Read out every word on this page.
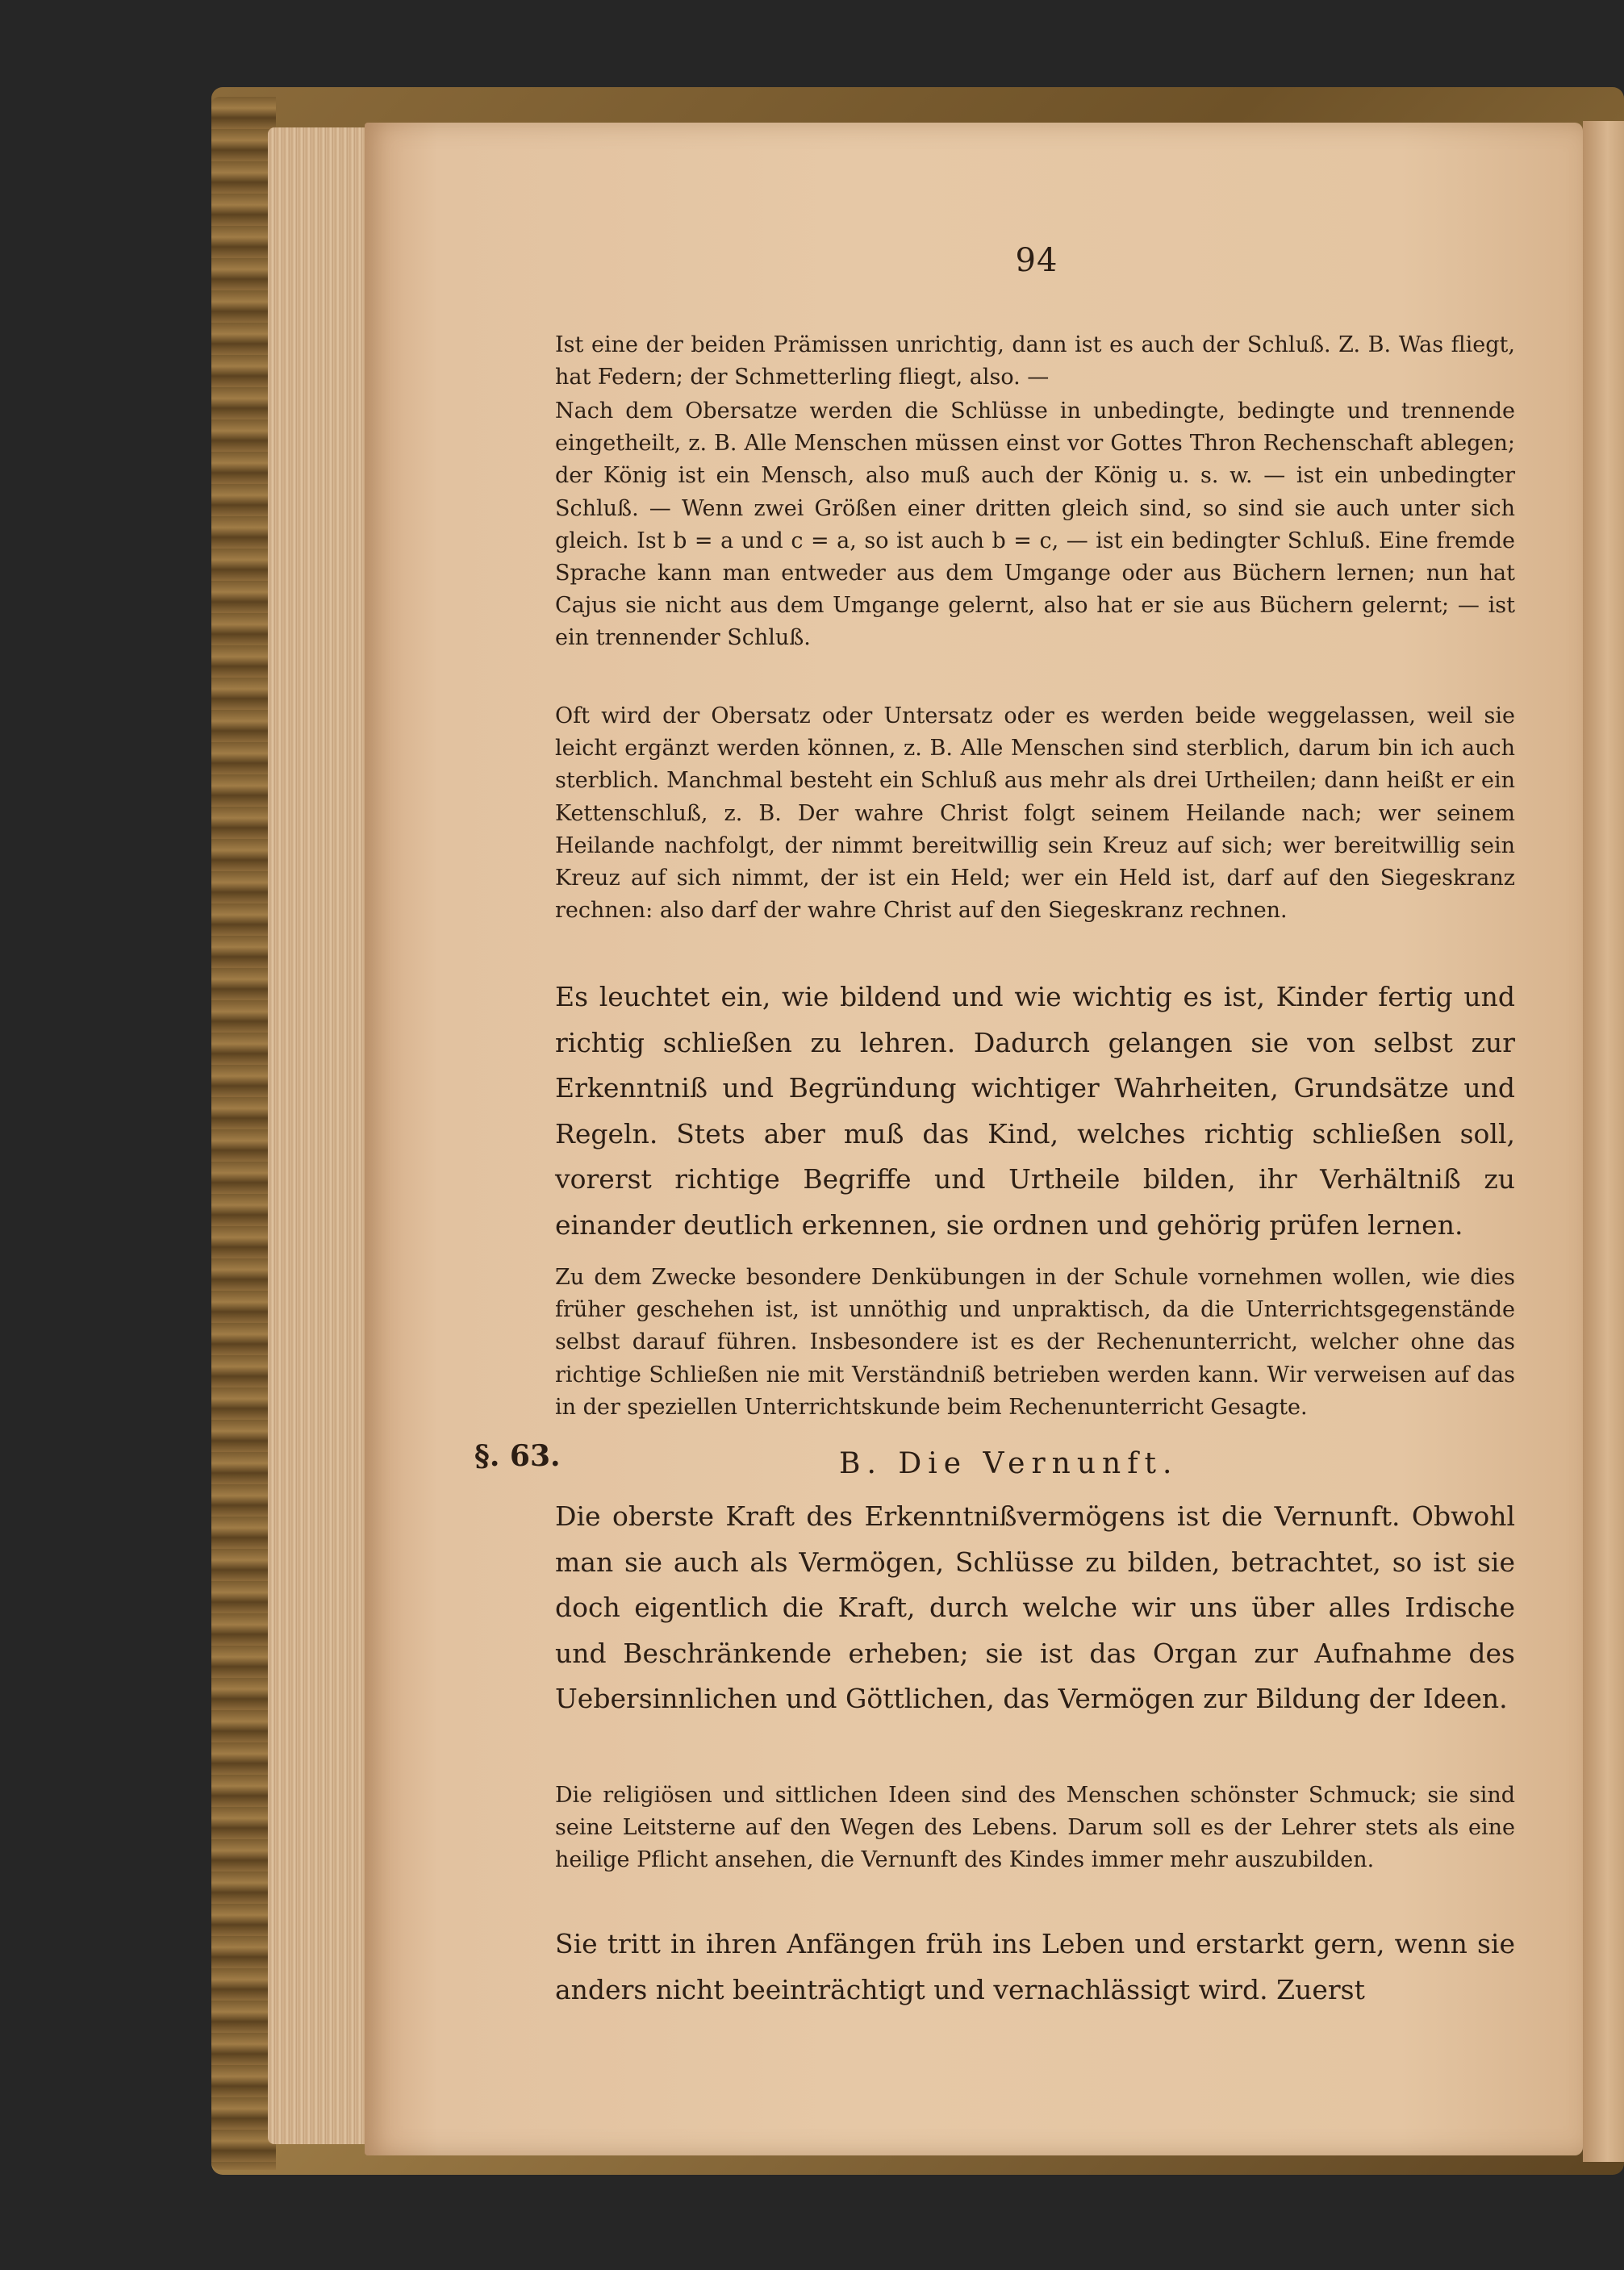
94

Ist eine der beiden Prämissen unrichtig, dann ist es auch der Schluß. Z. B. Was fliegt, hat Federn; der Schmetterling fliegt, also. —

Nach dem Obersatze werden die Schlüsse in unbedingte, bedingte und trennende eingetheilt, z. B. Alle Menschen müssen einst vor Gottes Thron Rechenschaft ablegen; der König ist ein Mensch, also muß auch der König u. s. w. — ist ein unbedingter Schluß. — Wenn zwei Größen einer dritten gleich sind, so sind sie auch unter sich gleich. Ist b = a und c = a, so ist auch b = c, — ist ein bedingter Schluß. Eine fremde Sprache kann man entweder aus dem Umgange oder aus Büchern lernen; nun hat Cajus sie nicht aus dem Umgange gelernt, also hat er sie aus Büchern gelernt; — ist ein trennender Schluß.

Oft wird der Obersatz oder Untersatz oder es werden beide weggelassen, weil sie leicht ergänzt werden können, z. B. Alle Menschen sind sterblich, darum bin ich auch sterblich. Manchmal besteht ein Schluß aus mehr als drei Urtheilen; dann heißt er ein Kettenschluß, z. B. Der wahre Christ folgt seinem Heilande nach; wer seinem Heilande nachfolgt, der nimmt bereitwillig sein Kreuz auf sich; wer bereitwillig sein Kreuz auf sich nimmt, der ist ein Held; wer ein Held ist, darf auf den Siegeskranz rechnen: also darf der wahre Christ auf den Siegeskranz rechnen.

Es leuchtet ein, wie bildend und wie wichtig es ist, Kinder fertig und richtig schließen zu lehren. Dadurch gelangen sie von selbst zur Erkenntniß und Begründung wichtiger Wahrheiten, Grundsätze und Regeln. Stets aber muß das Kind, welches richtig schließen soll, vorerst richtige Begriffe und Urtheile bilden, ihr Verhältniß zu einander deutlich erkennen, sie ordnen und gehörig prüfen lernen.

Zu dem Zwecke besondere Denkübungen in der Schule vornehmen wollen, wie dies früher geschehen ist, ist unnöthig und unpraktisch, da die Unterrichtsgegenstände selbst darauf führen. Insbesondere ist es der Rechenunterricht, welcher ohne das richtige Schließen nie mit Verständniß betrieben werden kann. Wir verweisen auf das in der speziellen Unterrichtskunde beim Rechenunterricht Gesagte.

§. 63.	B. Die Vernunft.

Die oberste Kraft des Erkenntnißvermögens ist die Vernunft. Obwohl man sie auch als Vermögen, Schlüsse zu bilden, betrachtet, so ist sie doch eigentlich die Kraft, durch welche wir uns über alles Irdische und Beschränkende erheben; sie ist das Organ zur Aufnahme des Uebersinnlichen und Göttlichen, das Vermögen zur Bildung der Ideen.

Die religiösen und sittlichen Ideen sind des Menschen schönster Schmuck; sie sind seine Leitsterne auf den Wegen des Lebens. Darum soll es der Lehrer stets als eine heilige Pflicht ansehen, die Vernunft des Kindes immer mehr auszubilden.

Sie tritt in ihren Anfängen früh ins Leben und erstarkt gern, wenn sie anders nicht beeinträchtigt und vernachlässigt wird. Zuerst
